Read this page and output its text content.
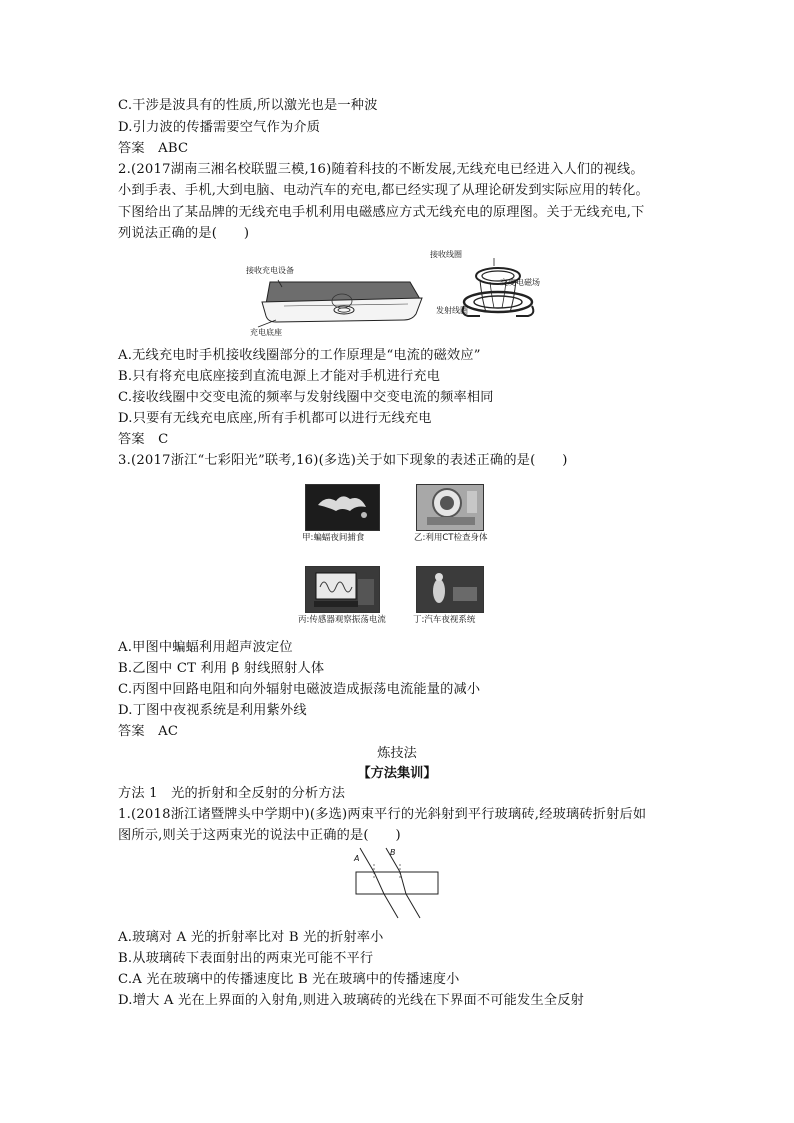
C.干涉是波具有的性质,所以激光也是一种波
D.引力波的传播需要空气作为介质
答案　ABC
2.(2017湖南三湘名校联盟三模,16)随着科技的不断发展,无线充电已经进入人们的视线。
小到手表、手机,大到电脑、电动汽车的充电,都已经实现了从理论研发到实际应用的转化。
下图给出了某品牌的无线充电手机利用电磁感应方式无线充电的原理图。关于无线充电,下
列说法正确的是(　　)
接收充电设备
充电底座
接收线圈
交变电磁场
发射线圈
A.无线充电时手机接收线圈部分的工作原理是“电流的磁效应”
B.只有将充电底座接到直流电源上才能对手机进行充电
C.接收线圈中交变电流的频率与发射线圈中交变电流的频率相同
D.只要有无线充电底座,所有手机都可以进行无线充电
答案　C
3.(2017浙江“七彩阳光”联考,16)(多选)关于如下现象的表述正确的是(　　)
甲:蝙蝠夜间捕食	乙:利用CT检查身体
丙:传感器观察振荡电流	丁:汽车夜视系统
A.甲图中蝙蝠利用超声波定位
B.乙图中 CT 利用 β 射线照射人体
C.丙图中回路电阻和向外辐射电磁波造成振荡电流能量的减小
D.丁图中夜视系统是利用紫外线
答案　AC
炼技法
【方法集训】
方法 1　光的折射和全反射的分析方法
1.(2018浙江诸暨牌头中学期中)(多选)两束平行的光斜射到平行玻璃砖,经玻璃砖折射后如
图所示,则关于这两束光的说法中正确的是(　　)
A
B
A.玻璃对 A 光的折射率比对 B 光的折射率小
B.从玻璃砖下表面射出的两束光可能不平行
C.A 光在玻璃中的传播速度比 B 光在玻璃中的传播速度小
D.增大 A 光在上界面的入射角,则进入玻璃砖的光线在下界面不可能发生全反射
